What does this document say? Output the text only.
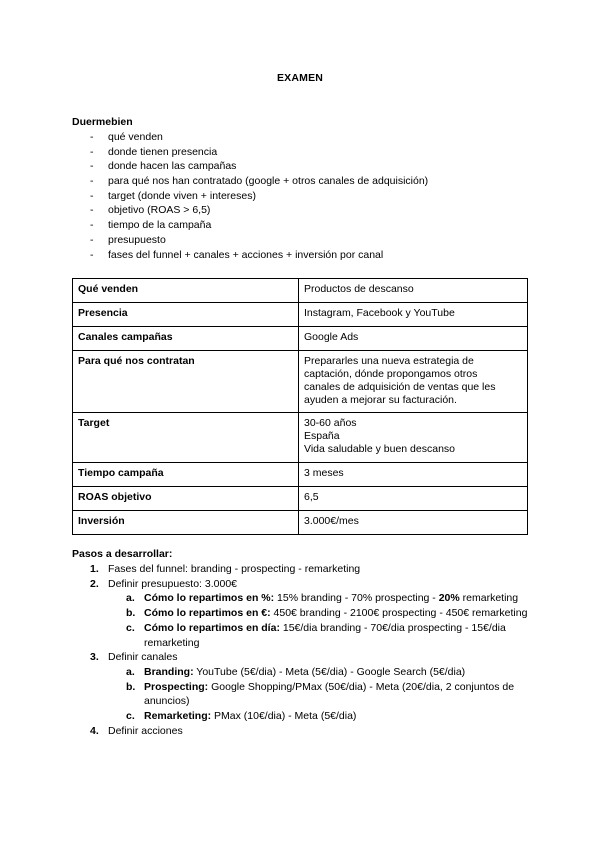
EXAMEN
Duermebien
- qué venden
- donde tienen presencia
- donde hacen las campañas
- para qué nos han contratado (google + otros canales de adquisición)
- target (donde viven + intereses)
- objetivo (ROAS > 6,5)
- tiempo de la campaña
- presupuesto
- fases del funnel + canales + acciones + inversión por canal
Qué venden	Productos de descanso
Presencia	Instagram, Facebook y YouTube
Canales campañas	Google Ads
Para qué nos contratan	Prepararles una nueva estrategia de
captación, dónde propongamos otros
canales de adquisición de ventas que les
ayuden a mejorar su facturación.
Target	30-60 años
España
Vida saludable y buen descanso
Tiempo campaña	3 meses
ROAS objetivo	6,5
Inversión	3.000€/mes
Pasos a desarrollar:
1. Fases del funnel: branding - prospecting - remarketing
2. Definir presupuesto: 3.000€
a. Cómo lo repartimos en %: 15% branding - 70% prospecting - 20% remarketing
b. Cómo lo repartimos en €: 450€ branding - 2100€ prospecting - 450€ remarketing
c. Cómo lo repartimos en día: 15€/dia branding - 70€/dia prospecting - 15€/dia remarketing
3. Definir canales
a. Branding: YouTube (5€/dia) - Meta (5€/dia) - Google Search (5€/dia)
b. Prospecting: Google Shopping/PMax (50€/dia) - Meta (20€/dia, 2 conjuntos de anuncios)
c. Remarketing: PMax (10€/dia) - Meta (5€/dia)
4. Definir acciones
